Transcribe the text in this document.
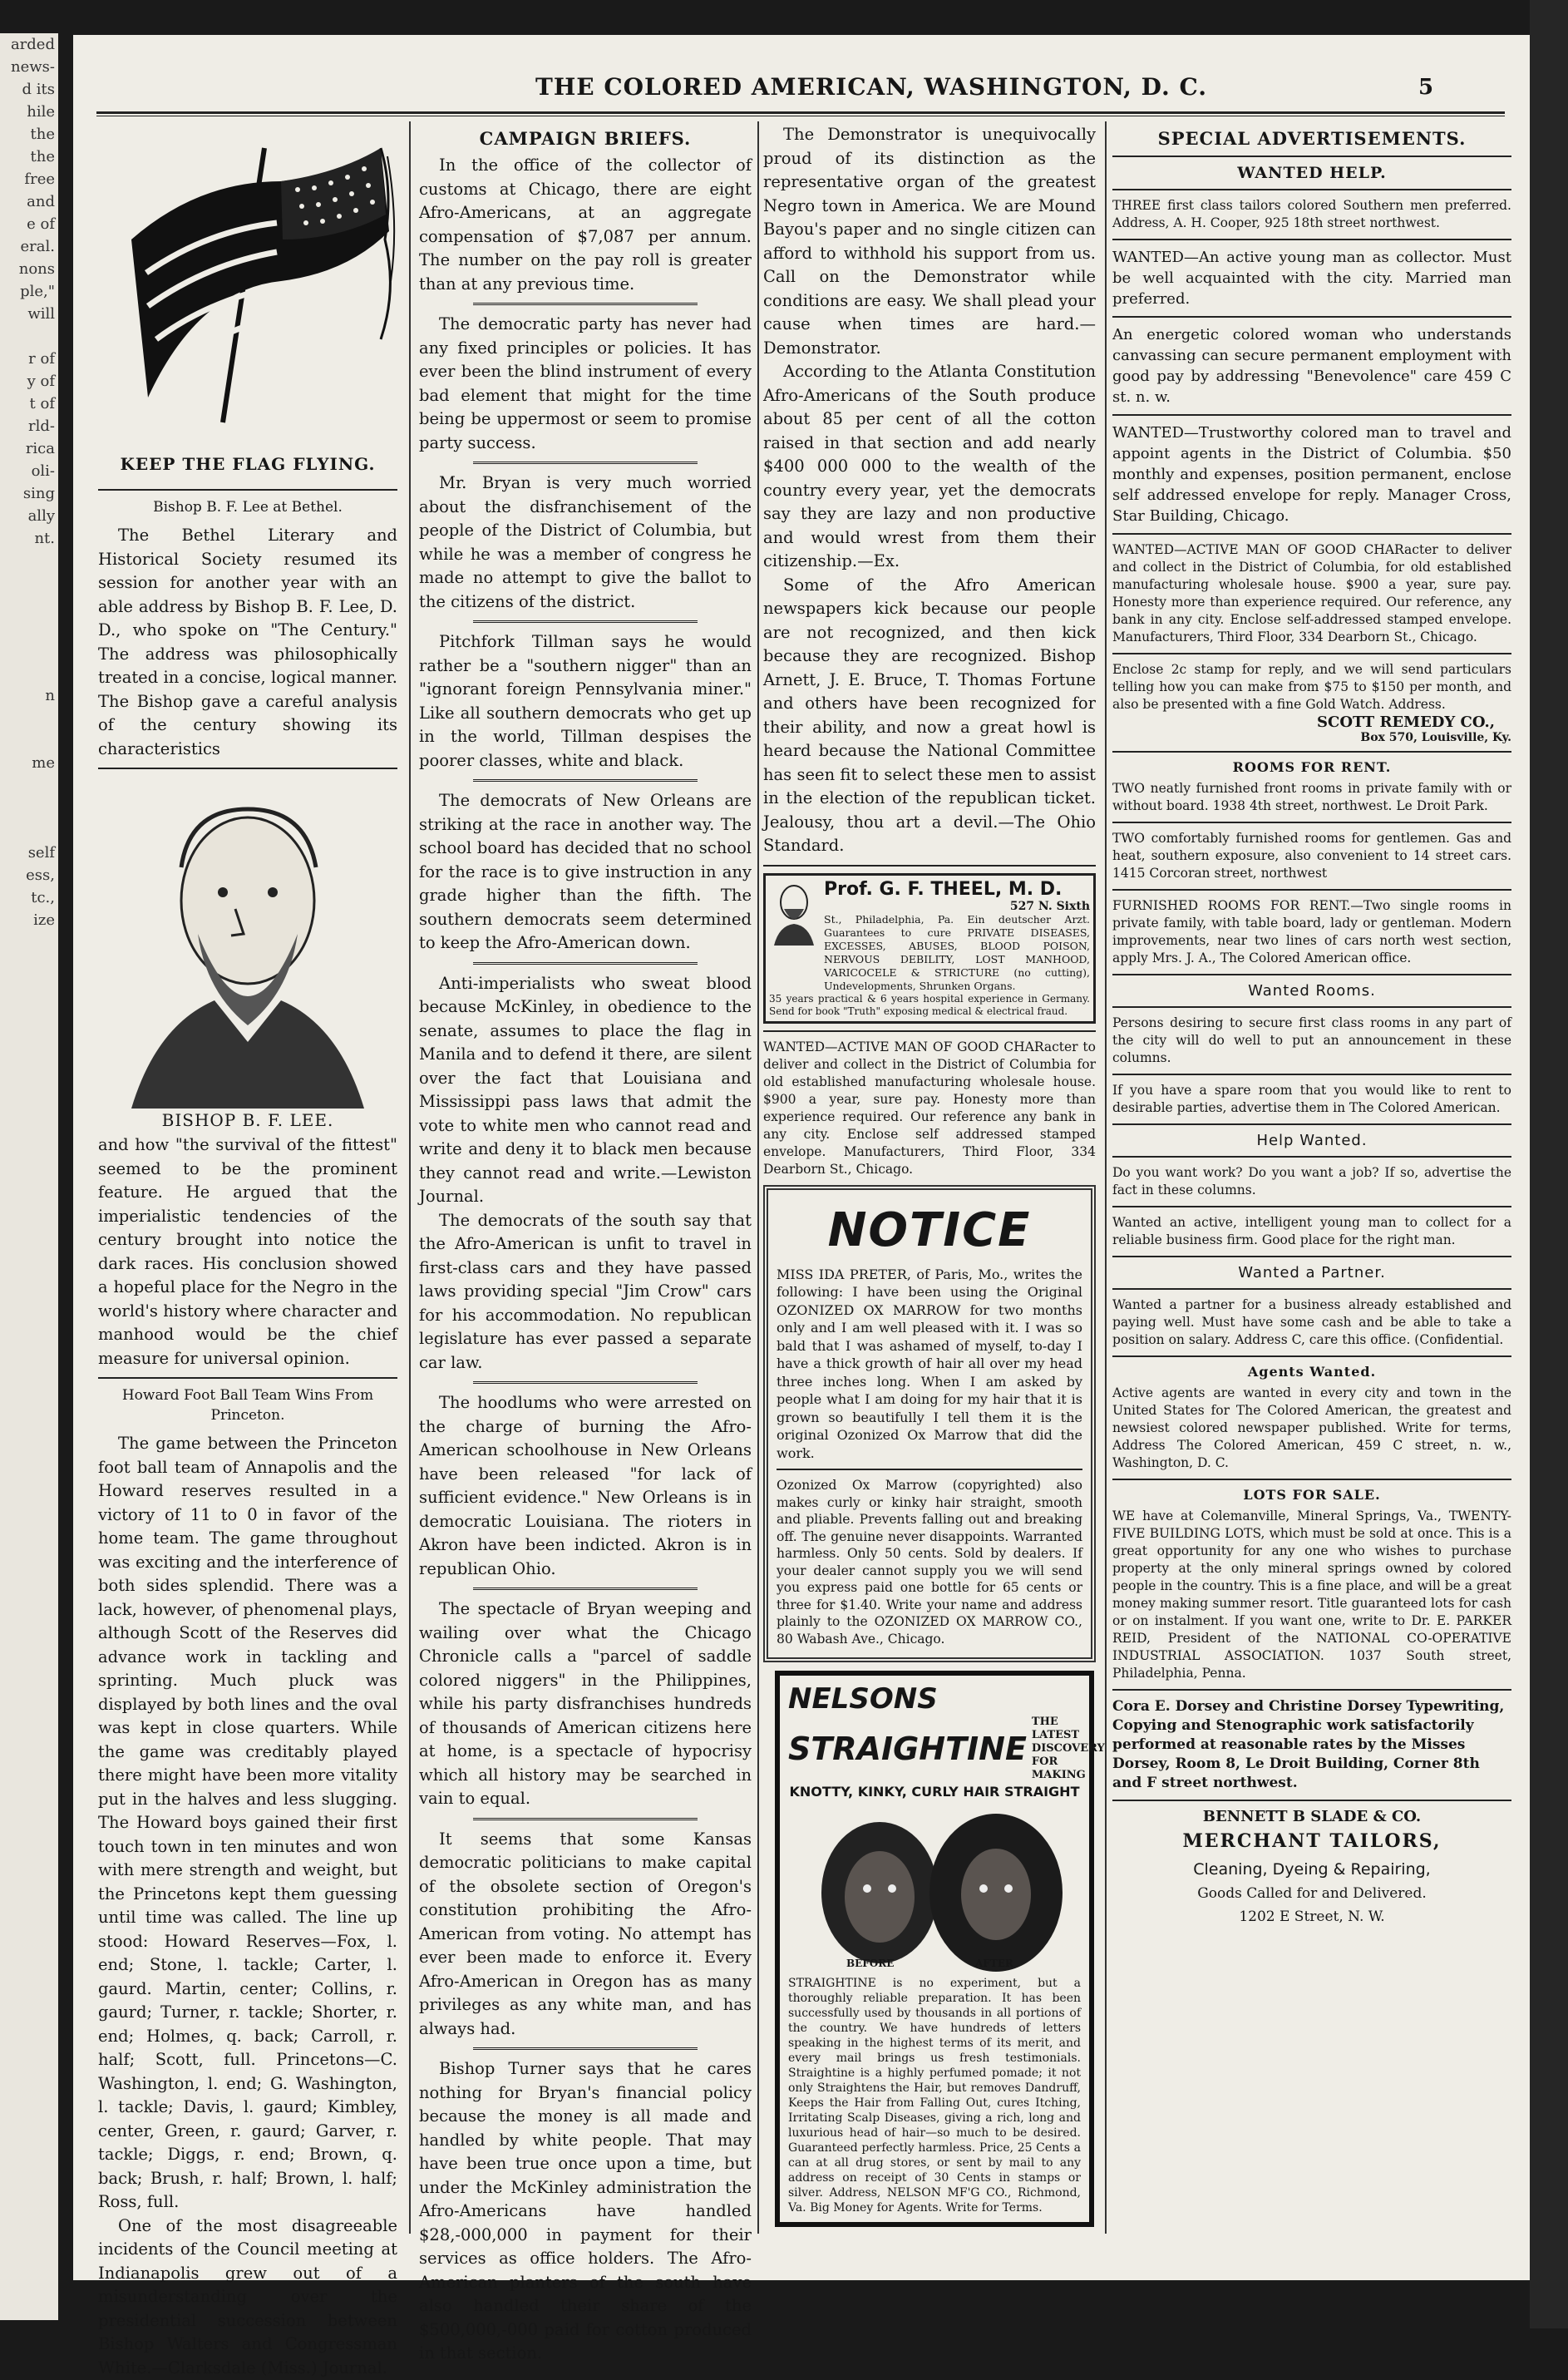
arded
news-
d its
hile
the
the
free
and
e of
eral.
nons
ple,"
will

r of
y of
t of
rld-
rica
oli-
sing
ally
nt.

n

me

self
ess,
tc.,
ize
THE COLORED AMERICAN, WASHINGTON, D. C.	5
KEEP THE FLAG FLYING.
Bishop B. F. Lee at Bethel.
The Bethel Literary and Historical Society resumed its session for another year with an able address by Bishop B. F. Lee, D. D., who spoke on "The Century." The address was philosophically treated in a concise, logical manner. The Bishop gave a careful analysis of the century showing its characteristics
BISHOP B. F. LEE.
and how "the survival of the fittest" seemed to be the prominent feature. He argued that the imperialistic tendencies of the century brought into notice the dark races. His conclusion showed a hopeful place for the Negro in the world's history where character and manhood would be the chief measure for universal opinion.
Howard Foot Ball Team Wins From Princeton.
The game between the Princeton foot ball team of Annapolis and the Howard reserves resulted in a victory of 11 to 0 in favor of the home team. The game throughout was exciting and the interference of both sides splendid. There was a lack, however, of phenomenal plays, although Scott of the Reserves did advance work in tackling and sprinting. Much pluck was displayed by both lines and the oval was kept in close quarters. While the game was creditably played there might have been more vitality put in the halves and less slugging. The Howard boys gained their first touch town in ten minutes and won with mere strength and weight, but the Princetons kept them guessing until time was called. The line up stood: Howard Reserves—Fox, l. end; Stone, l. tackle; Carter, l. gaurd. Martin, center; Collins, r. gaurd; Turner, r. tackle; Shorter, r. end; Holmes, q. back; Carroll, r. half; Scott, full. Princetons—C. Washington, l. end; G. Washington, l. tackle; Davis, l. gaurd; Kimbley, center, Green, r. gaurd; Garver, r. tackle; Diggs, r. end; Brown, q. back; Brush, r. half; Brown, l. half; Ross, full.
One of the most disagreeable incidents of the Council meeting at Indianapolis grew out of a misunderstanding over the presidential succession between Bishop Walters and Congressman White.—Clarksdale (Miss.) Journal.
CAMPAIGN BRIEFS.
In the office of the collector of customs at Chicago, there are eight Afro-Americans, at an aggregate compensation of $7,087 per annum. The number on the pay roll is greater than at any previous time.
The democratic party has never had any fixed principles or policies. It has ever been the blind instrument of every bad element that might for the time being be uppermost or seem to promise party success.
Mr. Bryan is very much worried about the disfranchisement of the people of the District of Columbia, but while he was a member of congress he made no attempt to give the ballot to the citizens of the district.
Pitchfork Tillman says he would rather be a "southern nigger" than an "ignorant foreign Pennsylvania miner." Like all southern democrats who get up in the world, Tillman despises the poorer classes, white and black.
The democrats of New Orleans are striking at the race in another way. The school board has decided that no school for the race is to give instruction in any grade higher than the fifth. The southern democrats seem determined to keep the Afro-American down.
Anti-imperialists who sweat blood because McKinley, in obedience to the senate, assumes to place the flag in Manila and to defend it there, are silent over the fact that Louisiana and Mississippi pass laws that admit the vote to white men who cannot read and write and deny it to black men because they cannot read and write.—Lewiston Journal.
The democrats of the south say that the Afro-American is unfit to travel in first-class cars and they have passed laws providing special "Jim Crow" cars for his accommodation. No republican legislature has ever passed a separate car law.
The hoodlums who were arrested on the charge of burning the Afro-American schoolhouse in New Orleans have been released "for lack of sufficient evidence." New Orleans is in democratic Louisiana. The rioters in Akron have been indicted. Akron is in republican Ohio.
The spectacle of Bryan weeping and wailing over what the Chicago Chronicle calls a "parcel of saddle colored niggers" in the Philippines, while his party disfranchises hundreds of thousands of American citizens here at home, is a spectacle of hypocrisy which all history may be searched in vain to equal.
It seems that some Kansas democratic politicians to make capital of the obsolete section of Oregon's constitution prohibiting the Afro-American from voting. No attempt has ever been made to enforce it. Every Afro-American in Oregon has as many privileges as any white man, and has always had.
Bishop Turner says that he cares nothing for Bryan's financial policy because the money is all made and handled by white people. That may have been true once upon a time, but under the McKinley administration the Afro-Americans have handled $28,-000,000 in payment for their services as office holders. The Afro-American planters of the south have also handled their share of the $500,000,-000 paid for cotton produced in that section.
The Demonstrator is unequivocally proud of its distinction as the representative organ of the greatest Negro town in America. We are Mound Bayou's paper and no single citizen can afford to withhold his support from us. Call on the Demonstrator while conditions are easy. We shall plead your cause when times are hard.—Demonstrator.
According to the Atlanta Constitution Afro-Americans of the South produce about 85 per cent of all the cotton raised in that section and add nearly $400 000 000 to the wealth of the country every year, yet the democrats say they are lazy and non productive and would wrest from them their citizenship.—Ex.
Some of the Afro American newspapers kick because our people are not recognized, and then kick because they are recognized. Bishop Arnett, J. E. Bruce, T. Thomas Fortune and others have been recognized for their ability, and now a great howl is heard because the National Committee has seen fit to select these men to assist in the election of the republican ticket. Jealousy, thou art a devil.—The Ohio Standard.
Prof. G. F. THEEL, M. D.
527 N. Sixth
St., Philadelphia, Pa. Ein deutscher Arzt. Guarantees to cure PRIVATE DISEASES, EXCESSES, ABUSES, BLOOD POISON, NERVOUS DEBILITY, LOST MANHOOD, VARICOCELE & STRICTURE (no cutting), Undevelopments, Shrunken Organs.
35 years practical & 6 years hospital experience in Germany. Send for book "Truth" exposing medical & electrical fraud.
WANTED—ACTIVE MAN OF GOOD CHARacter to deliver and collect in the District of Columbia for old established manufacturing wholesale house. $900 a year, sure pay. Honesty more than experience required. Our reference any bank in any city. Enclose self addressed stamped envelope. Manufacturers, Third Floor, 334 Dearborn St., Chicago.
NOTICE
MISS IDA PRETER, of Paris, Mo., writes the following: I have been using the Original OZONIZED OX MARROW for two months only and I am well pleased with it. I was so bald that I was ashamed of myself, to-day I have a thick growth of hair all over my head three inches long. When I am asked by people what I am doing for my hair that it is grown so beautifully I tell them it is the original Ozonized Ox Marrow that did the work.
Ozonized Ox Marrow (copyrighted) also makes curly or kinky hair straight, smooth and pliable. Prevents falling out and breaking off. The genuine never disappoints. Warranted harmless. Only 50 cents. Sold by dealers. If your dealer cannot supply you we will send you express paid one bottle for 65 cents or three for $1.40. Write your name and address plainly to the OZONIZED OX MARROW CO., 80 Wabash Ave., Chicago.
NELSONS
STRAIGHTINE
THE LATEST DISCOVERY FOR MAKING
KNOTTY, KINKY, CURLY HAIR STRAIGHT
BEFORE	AFTER
STRAIGHTINE is no experiment, but a thoroughly reliable preparation. It has been successfully used by thousands in all portions of the country. We have hundreds of letters speaking in the highest terms of its merit, and every mail brings us fresh testimonials. Straightine is a highly perfumed pomade; it not only Straightens the Hair, but removes Dandruff, Keeps the Hair from Falling Out, cures Itching, Irritating Scalp Diseases, giving a rich, long and luxurious head of hair—so much to be desired. Guaranteed perfectly harmless. Price, 25 Cents a can at all drug stores, or sent by mail to any address on receipt of 30 Cents in stamps or silver. Address, NELSON MF'G CO., Richmond, Va. Big Money for Agents. Write for Terms.
SPECIAL ADVERTISEMENTS.
WANTED HELP.
THREE first class tailors colored Southern men preferred. Address, A. H. Cooper, 925 18th street northwest.
WANTED—An active young man as collector. Must be well acquainted with the city. Married man preferred.
An energetic colored woman who understands canvassing can secure permanent employment with good pay by addressing "Benevolence" care 459 C st. n. w.
WANTED—Trustworthy colored man to travel and appoint agents in the District of Columbia. $50 monthly and expenses, position permanent, enclose self addressed envelope for reply. Manager Cross, Star Building, Chicago.
WANTED—ACTIVE MAN OF GOOD CHARacter to deliver and collect in the District of Columbia, for old established manufacturing wholesale house. $900 a year, sure pay. Honesty more than experience required. Our reference, any bank in any city. Enclose self-addressed stamped envelope. Manufacturers, Third Floor, 334 Dearborn St., Chicago.
Enclose 2c stamp for reply, and we will send particulars telling how you can make from $75 to $150 per month, and also be presented with a fine Gold Watch. Address.
SCOTT REMEDY CO.,
Box 570, Louisville, Ky.
ROOMS FOR RENT.
TWO neatly furnished front rooms in private family with or without board. 1938 4th street, northwest. Le Droit Park.
TWO comfortably furnished rooms for gentlemen. Gas and heat, southern exposure, also convenient to 14 street cars. 1415 Corcoran street, northwest
FURNISHED ROOMS FOR RENT.—Two single rooms in private family, with table board, lady or gentleman. Modern improvements, near two lines of cars north west section, apply Mrs. J. A., The Colored American office.
Wanted Rooms.
Persons desiring to secure first class rooms in any part of the city will do well to put an announcement in these columns.
If you have a spare room that you would like to rent to desirable parties, advertise them in The Colored American.
Help Wanted.
Do you want work? Do you want a job? If so, advertise the fact in these columns.
Wanted an active, intelligent young man to collect for a reliable business firm. Good place for the right man.
Wanted a Partner.
Wanted a partner for a business already established and paying well. Must have some cash and be able to take a position on salary. Address C, care this office. (Confidential.
Agents Wanted.
Active agents are wanted in every city and town in the United States for The Colored American, the greatest and newsiest colored newspaper published. Write for terms, Address The Colored American, 459 C street, n. w., Washington, D. C.
LOTS FOR SALE.
WE have at Colemanville, Mineral Springs, Va., TWENTY-FIVE BUILDING LOTS, which must be sold at once. This is a great opportunity for any one who wishes to purchase property at the only mineral springs owned by colored people in the country. This is a fine place, and will be a great money making summer resort. Title guaranteed lots for cash or on instalment. If you want one, write to Dr. E. PARKER REID, President of the NATIONAL CO-OPERATIVE INDUSTRIAL ASSOCIATION. 1037 South street, Philadelphia, Penna.
Cora E. Dorsey and Christine Dorsey Typewriting, Copying and Stenographic work satisfactorily performed at reasonable rates by the Misses Dorsey, Room 8, Le Droit Building, Corner 8th and F street northwest.
BENNETT B SLADE & CO.
MERCHANT TAILORS,
Cleaning, Dyeing & Repairing,
Goods Called for and Delivered.
1202 E Street, N. W.
